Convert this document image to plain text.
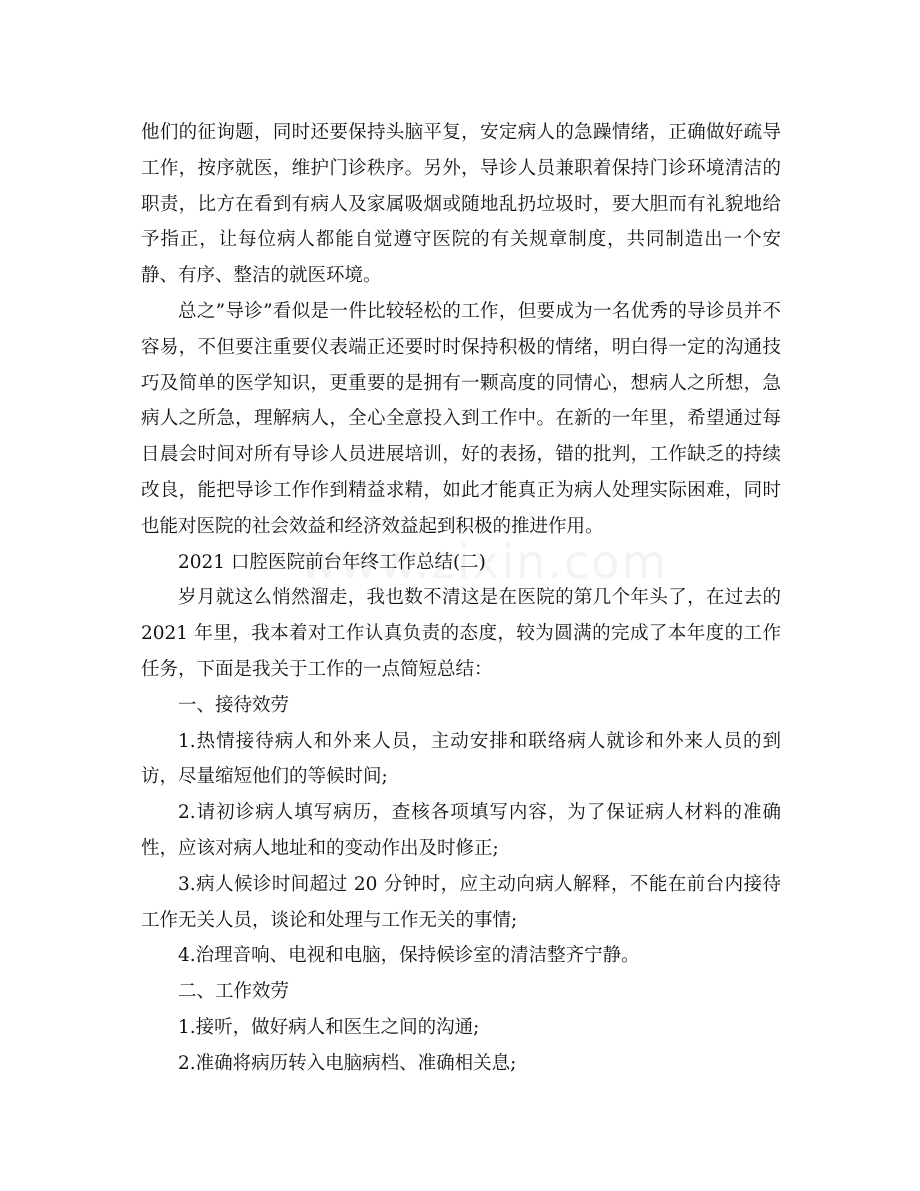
他们的征询题，同时还要保持头脑平复，安定病人的急躁情绪，正确做好疏导工作，按序就医，维护门诊秩序。另外，导诊人员兼职着保持门诊环境清洁的职责，比方在看到有病人及家属吸烟或随地乱扔垃圾时，要大胆而有礼貌地给予指正，让每位病人都能自觉遵守医院的有关规章制度，共同制造出一个安静、有序、整洁的就医环境。

总之”导诊”看似是一件比较轻松的工作，但要成为一名优秀的导诊员并不容易，不但要注重要仪表端正还要时时保持积极的情绪，明白得一定的沟通技巧及简单的医学知识，更重要的是拥有一颗高度的同情心，想病人之所想，急病人之所急，理解病人，全心全意投入到工作中。在新的一年里，希望通过每日晨会时间对所有导诊人员进展培训，好的表扬，错的批判，工作缺乏的持续改良，能把导诊工作作到精益求精，如此才能真正为病人处理实际困难，同时也能对医院的社会效益和经济效益起到积极的推进作用。

2021 口腔医院前台年终工作总结(二)

岁月就这么悄然溜走，我也数不清这是在医院的第几个年头了，在过去的 2021 年里，我本着对工作认真负责的态度，较为圆满的完成了本年度的工作任务，下面是我关于工作的一点简短总结：

一、接待效劳

1.热情接待病人和外来人员，主动安排和联络病人就诊和外来人员的到访，尽量缩短他们的等候时间;

2.请初诊病人填写病历，查核各项填写内容，为了保证病人材料的准确性，应该对病人地址和的变动作出及时修正;

3.病人候诊时间超过 20 分钟时，应主动向病人解释，不能在前台内接待工作无关人员，谈论和处理与工作无关的事情;

4.治理音响、电视和电脑，保持候诊室的清洁整齐宁静。

二、工作效劳

1.接听，做好病人和医生之间的沟通;

2.准确将病历转入电脑病档、准确相关息;
